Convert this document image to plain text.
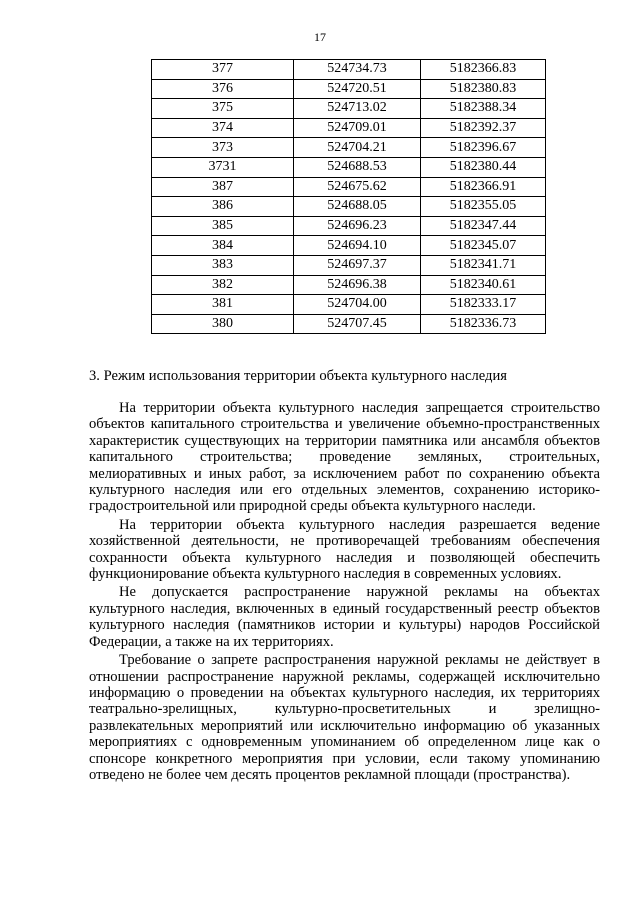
17
377	524734.73	5182366.83
376	524720.51	5182380.83
375	524713.02	5182388.34
374	524709.01	5182392.37
373	524704.21	5182396.67
3731	524688.53	5182380.44
387	524675.62	5182366.91
386	524688.05	5182355.05
385	524696.23	5182347.44
384	524694.10	5182345.07
383	524697.37	5182341.71
382	524696.38	5182340.61
381	524704.00	5182333.17
380	524707.45	5182336.73
3. Режим использования территории объекта культурного наследия

На территории объекта культурного наследия запрещается строительство объектов капитального строительства и увеличение объемно-пространственных характеристик существующих на территории памятника или ансамбля объектов капитального строительства; проведение земляных, строительных, мелиоративных и иных работ, за исключением работ по сохранению объекта культурного наследия или его отдельных элементов, сохранению историко-градостроительной или природной среды объекта культурного наследи.

На территории объекта культурного наследия разрешается ведение хозяйственной деятельности, не противоречащей требованиям обеспечения сохранности объекта культурного наследия и позволяющей обеспечить функционирование объекта культурного наследия в современных условиях.

Не допускается распространение наружной рекламы на объектах культурного наследия, включенных в единый государственный реестр объектов культурного наследия (памятников истории и культуры) народов Российской Федерации, а также на их территориях.

Требование о запрете распространения наружной рекламы не действует в отношении распространение наружной рекламы, содержащей исключительно информацию о проведении на объектах культурного наследия, их территориях театрально-зрелищных, культурно-просветительных и зрелищно-развлекательных мероприятий или исключительно информацию об указанных мероприятиях с одновременным упоминанием об определенном лице как о спонсоре конкретного мероприятия при условии, если такому упоминанию отведено не более чем десять процентов рекламной площади (пространства).
